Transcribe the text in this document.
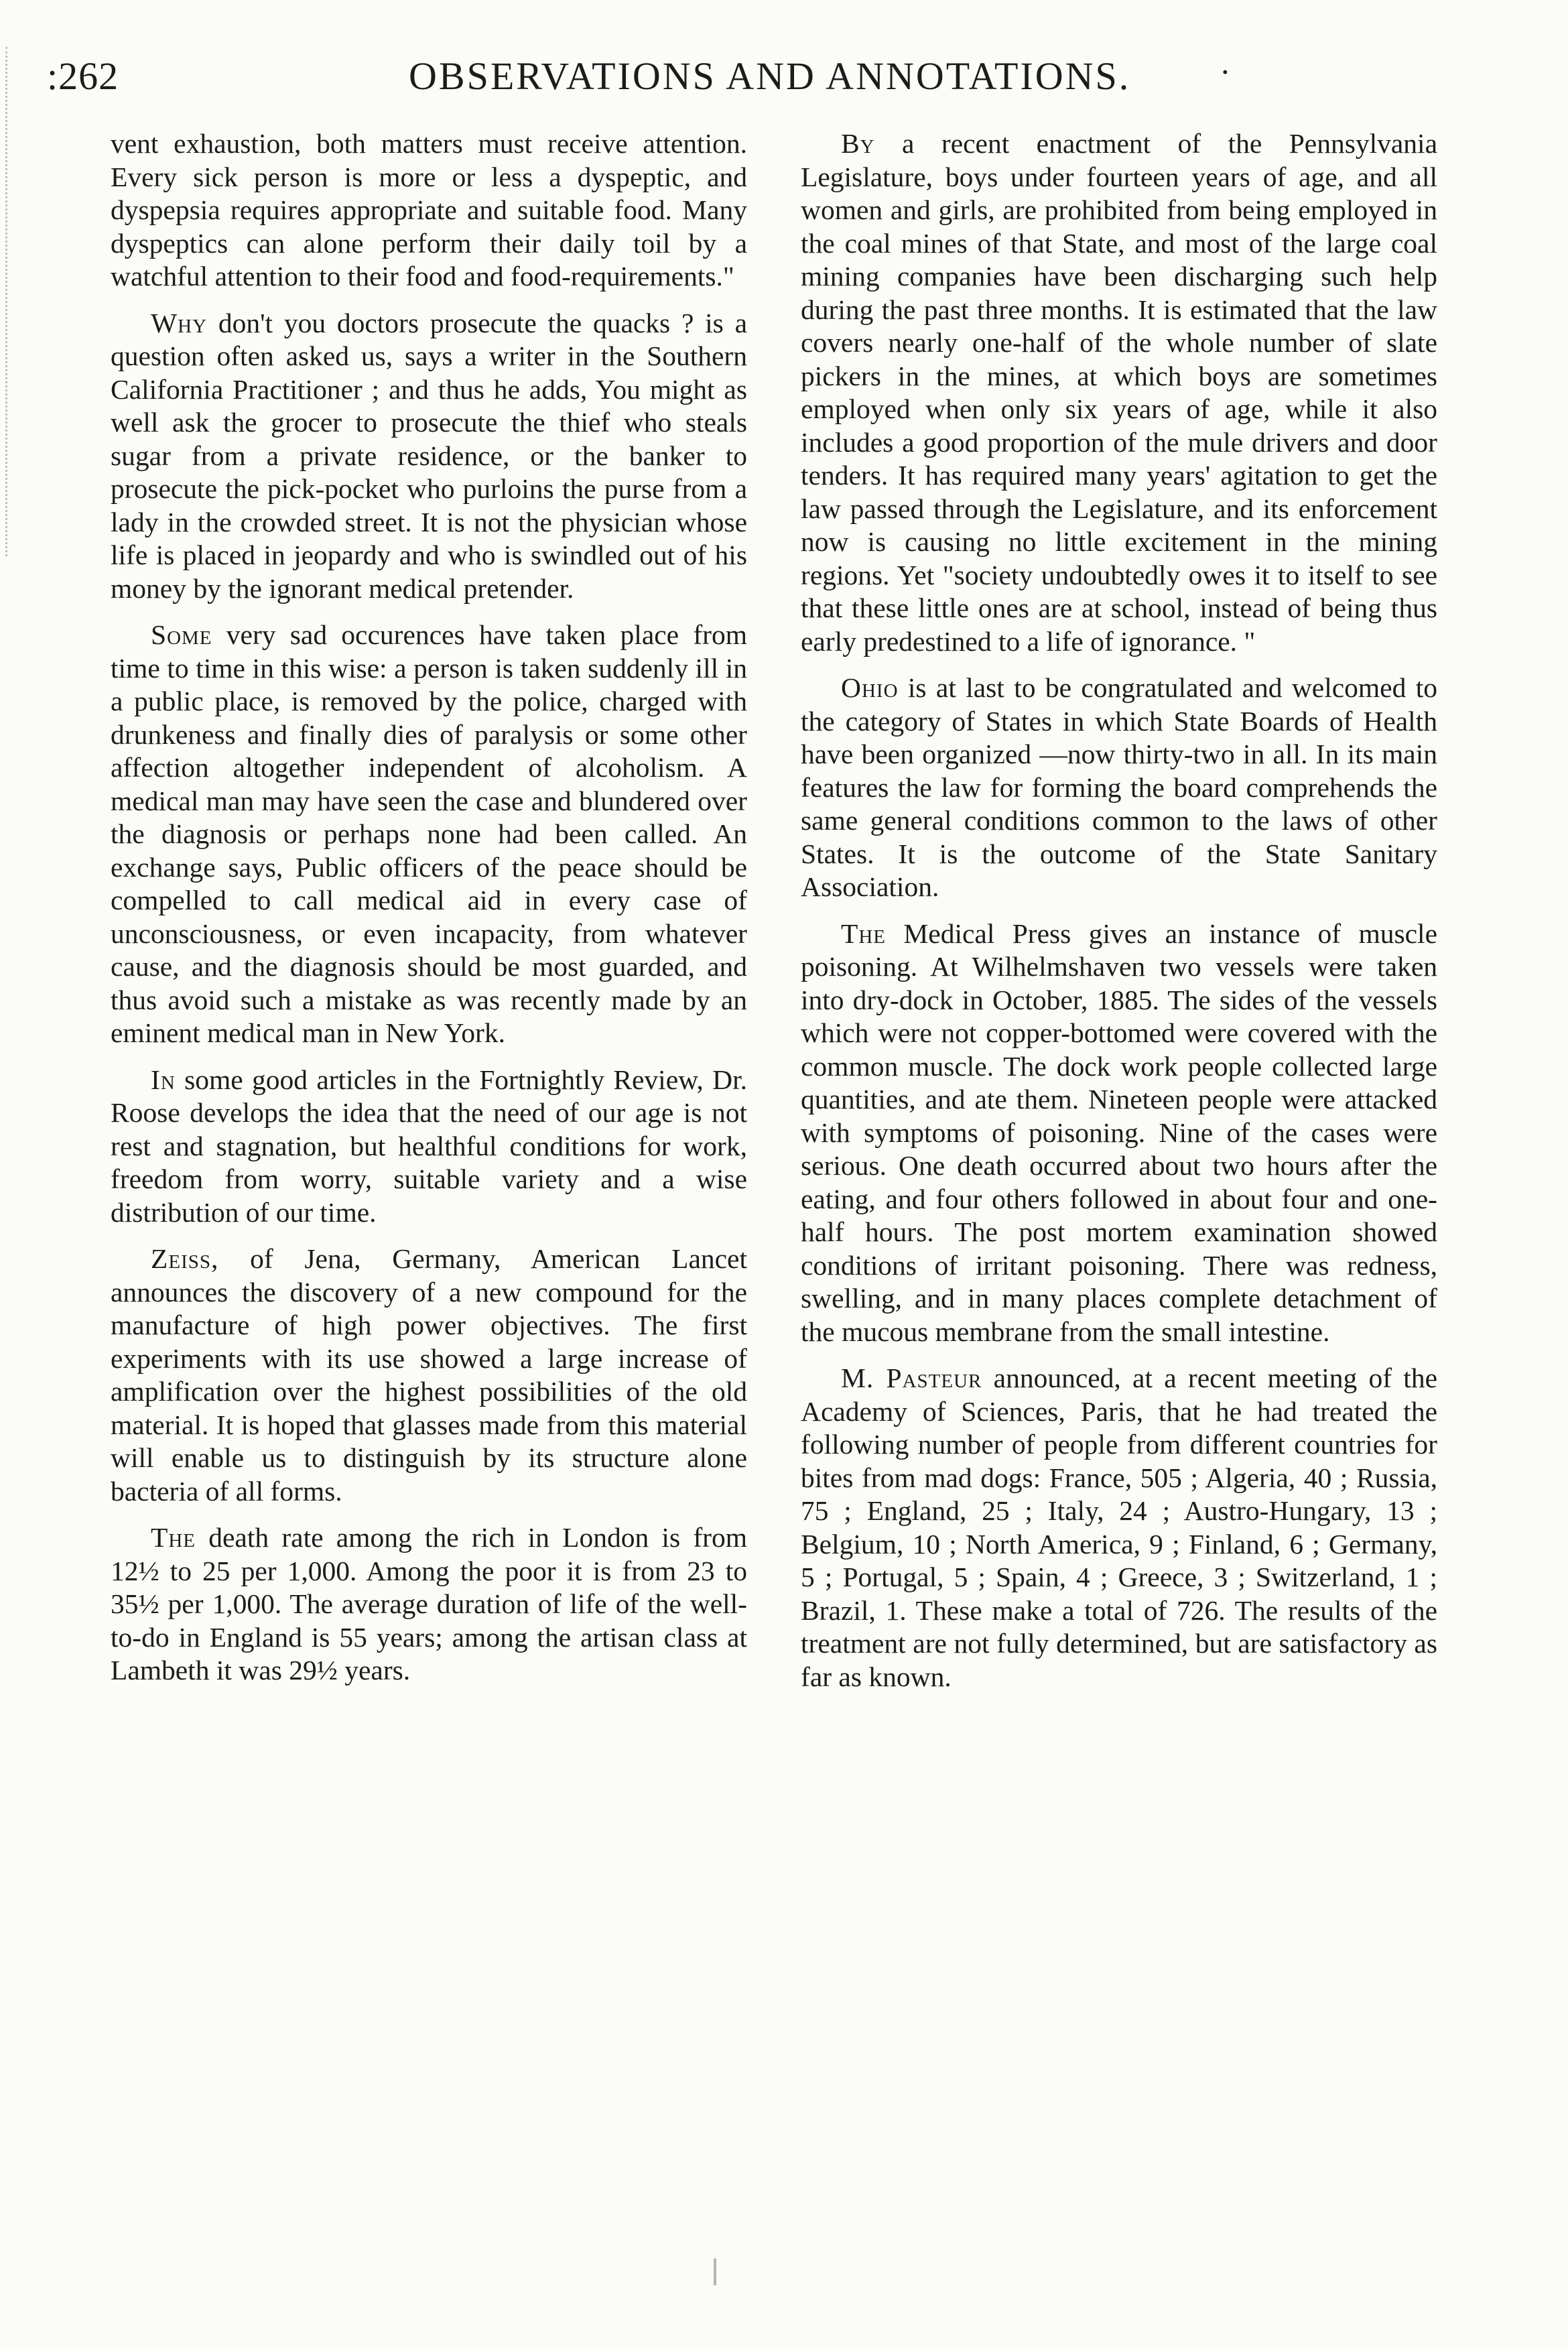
:262	OBSERVATIONS AND ANNOTATIONS.	·

vent exhaustion, both matters must receive attention. Every sick person is more or less a dyspeptic, and dyspepsia requires appropriate and suitable food. Many dyspeptics can alone perform their daily toil by a watchful attention to their food and food-requirements."

Why don't you doctors prosecute the quacks ? is a question often asked us, says a writer in the Southern California Practitioner ; and thus he adds, You might as well ask the grocer to prosecute the thief who steals sugar from a private residence, or the banker to prosecute the pick-pocket who purloins the purse from a lady in the crowded street. It is not the physician whose life is placed in jeopardy and who is swindled out of his money by the ignorant medical pretender.

Some very sad occurences have taken place from time to time in this wise: a person is taken suddenly ill in a public place, is removed by the police, charged with drunkeness and finally dies of paralysis or some other affection altogether independent of alcoholism. A medical man may have seen the case and blundered over the diagnosis or perhaps none had been called. An exchange says, Public officers of the peace should be compelled to call medical aid in every case of unconsciousness, or even incapacity, from whatever cause, and the diagnosis should be most guarded, and thus avoid such a mistake as was recently made by an eminent medical man in New York.

In some good articles in the Fortnightly Review, Dr. Roose develops the idea that the need of our age is not rest and stagnation, but healthful conditions for work, freedom from worry, suitable variety and a wise distribution of our time.

Zeiss, of Jena, Germany, American Lancet announces the discovery of a new compound for the manufacture of high power objectives. The first experiments with its use showed a large increase of amplification over the highest possibilities of the old material. It is hoped that glasses made from this material will enable us to distinguish by its structure alone bacteria of all forms.

The death rate among the rich in London is from 12½ to 25 per 1,000. Among the poor it is from 23 to 35½ per 1,000. The average duration of life of the well-to-do in England is 55 years; among the artisan class at Lambeth it was 29½ years.

By a recent enactment of the Pennsylvania Legislature, boys under fourteen years of age, and all women and girls, are prohibited from being employed in the coal mines of that State, and most of the large coal mining companies have been discharging such help during the past three months. It is estimated that the law covers nearly one-half of the whole number of slate pickers in the mines, at which boys are sometimes employed when only six years of age, while it also includes a good proportion of the mule drivers and door tenders. It has required many years' agitation to get the law passed through the Legislature, and its enforcement now is causing no little excitement in the mining regions. Yet "society undoubtedly owes it to itself to see that these little ones are at school, instead of being thus early predestined to a life of ignorance. "

Ohio is at last to be congratulated and welcomed to the category of States in which State Boards of Health have been organized —now thirty-two in all. In its main features the law for forming the board comprehends the same general conditions common to the laws of other States. It is the outcome of the State Sanitary Association.

The Medical Press gives an instance of muscle poisoning. At Wilhelmshaven two vessels were taken into dry-dock in October, 1885. The sides of the vessels which were not copper-bottomed were covered with the common muscle. The dock work people collected large quantities, and ate them. Nineteen people were attacked with symptoms of poisoning. Nine of the cases were serious. One death occurred about two hours after the eating, and four others followed in about four and one-half hours. The post mortem examination showed conditions of irritant poisoning. There was redness, swelling, and in many places complete detachment of the mucous membrane from the small intestine.

M. Pasteur announced, at a recent meeting of the Academy of Sciences, Paris, that he had treated the following number of people from different countries for bites from mad dogs: France, 505 ; Algeria, 40 ; Russia, 75 ; England, 25 ; Italy, 24 ; Austro-Hungary, 13 ; Belgium, 10 ; North America, 9 ; Finland, 6 ; Germany, 5 ; Portugal, 5 ; Spain, 4 ; Greece, 3 ; Switzerland, 1 ; Brazil, 1. These make a total of 726. The results of the treatment are not fully determined, but are satisfactory as far as known.
